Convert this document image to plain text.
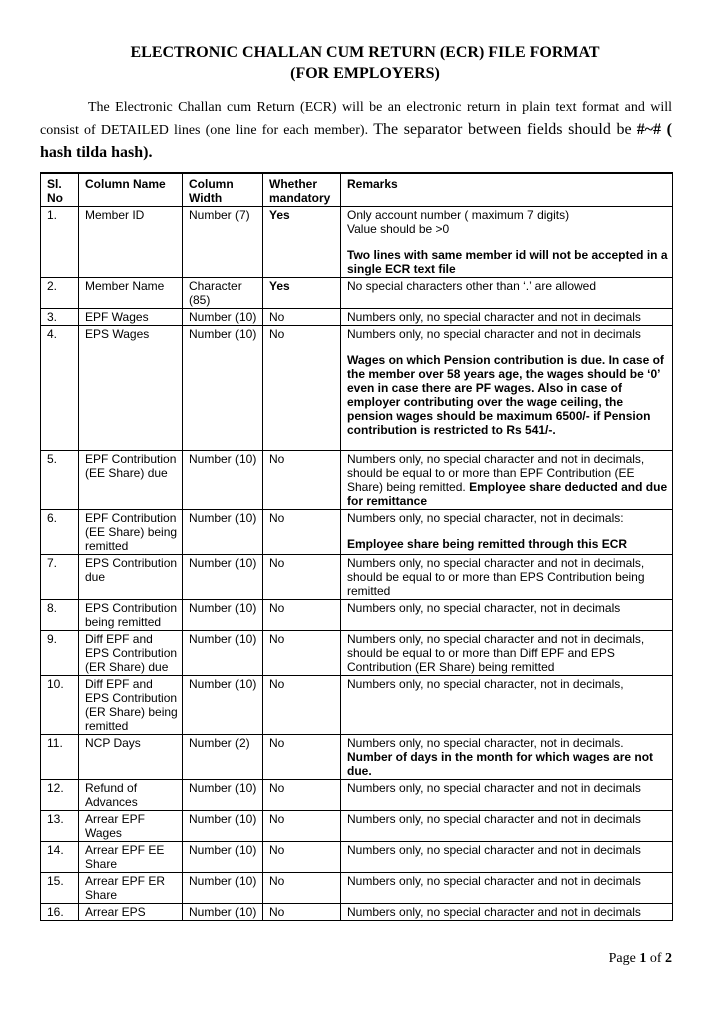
ELECTRONIC CHALLAN CUM RETURN (ECR) FILE FORMAT
(FOR EMPLOYERS)

The Electronic Challan cum Return (ECR) will be an electronic return in plain text format and will consist of DETAILED lines (one line for each member). The separator between fields should be #~# ( hash tilda hash).

Sl. No	Column Name	Column Width	Whether mandatory	Remarks
1.	Member ID	Number (7)	Yes	Only account number ( maximum 7 digits)
Value should be >0
Two lines with same member id will not be accepted in a single ECR text file

2.	Member Name	Character (85)	Yes	No special characters other than ‘.’ are allowed

3.	EPF Wages	Number (10)	No	Numbers only, no special character and not in decimals

4.	EPS Wages	Number (10)	No	Numbers only, no special character and not in decimals
Wages on which Pension contribution is due. In case of the member over 58 years age, the wages should be ‘0’ even in case there are PF wages. Also in case of employer contributing over the wage ceiling, the pension wages should be maximum 6500/- if Pension contribution is restricted to Rs 541/-.

5.	EPF Contribution (EE Share) due	Number (10)	No	Numbers only, no special character and not in decimals, should be equal to or more than EPF Contribution (EE Share) being remitted. Employee share deducted and due for remittance
6.	EPF Contribution (EE Share) being remitted	Number (10)	No	Numbers only, no special character, not in decimals:
Employee share being remitted through this ECR

7.	EPS Contribution due	Number (10)	No	Numbers only, no special character and not in decimals, should be equal to or more than EPS Contribution being remitted

8.	EPS Contribution being remitted	Number (10)	No	Numbers only, no special character, not in decimals

9.	Diff EPF and EPS Contribution (ER Share) due	Number (10)	No	Numbers only, no special character and not in decimals, should be equal to or more than Diff EPF and EPS Contribution (ER Share) being remitted

10.	Diff EPF and EPS Contribution (ER Share) being remitted	Number (10)	No	Numbers only, no special character, not in decimals,

11.	NCP Days	Number (2)	No	Numbers only, no special character, not in decimals.
Number of days in the month for which wages are not due.

12.	Refund of Advances	Number (10)	No	Numbers only, no special character and not in decimals

13.	Arrear EPF Wages	Number (10)	No	Numbers only, no special character and not in decimals

14.	Arrear EPF EE Share	Number (10)	No	Numbers only, no special character and not in decimals

15.	Arrear EPF ER Share	Number (10)	No	Numbers only, no special character and not in decimals

16.	Arrear EPS	Number (10)	No	Numbers only, no special character and not in decimals
Page 1 of 2
